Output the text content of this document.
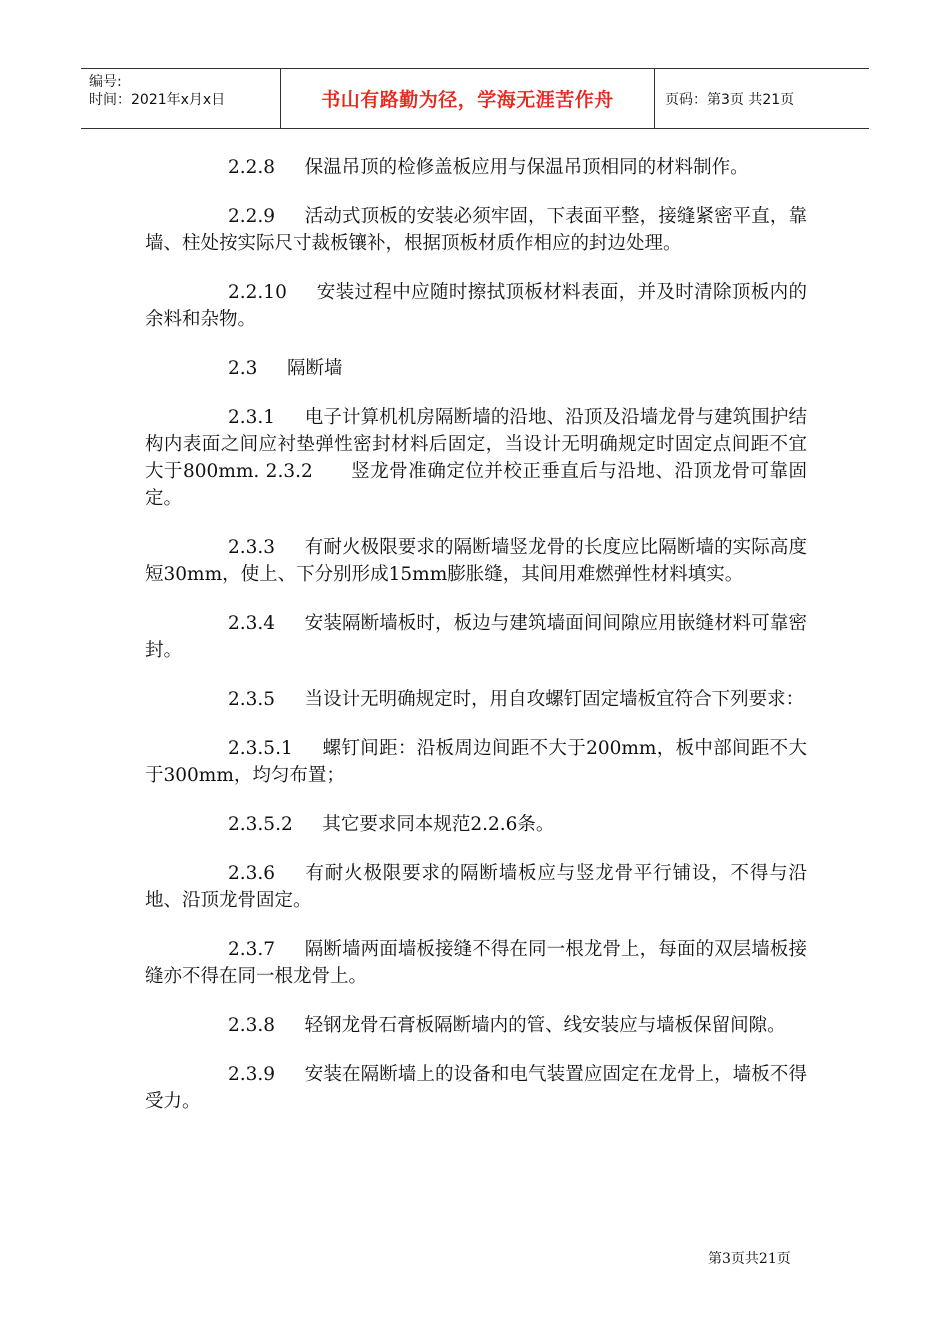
编号:
时间：2021年x月x日	书山有路勤为径，学海无涯苦作舟	页码：第3页 共21页

2.2.8 保温吊顶的检修盖板应用与保温吊顶相同的材料制作。

2.2.9 活动式顶板的安装必须牢固，下表面平整，接缝紧密平直，靠墙、柱处按实际尺寸裁板镶补，根据顶板材质作相应的封边处理。

2.2.10 安装过程中应随时擦拭顶板材料表面，并及时清除顶板内的余料和杂物。

2.3 隔断墙

2.3.1 电子计算机机房隔断墙的沿地、沿顶及沿墙龙骨与建筑围护结构内表面之间应衬垫弹性密封材料后固定，当设计无明确规定时固定点间距不宜大于800mm. 2.3.2　　竖龙骨准确定位并校正垂直后与沿地、沿顶龙骨可靠固定。

2.3.3 有耐火极限要求的隔断墙竖龙骨的长度应比隔断墙的实际高度短30mm，使上、下分别形成15mm膨胀缝，其间用难燃弹性材料填实。

2.3.4 安装隔断墙板时，板边与建筑墙面间间隙应用嵌缝材料可靠密封。

2.3.5 当设计无明确规定时，用自攻螺钉固定墙板宜符合下列要求：

2.3.5.1 螺钉间距：沿板周边间距不大于200mm，板中部间距不大于300mm，均匀布置；

2.3.5.2 其它要求同本规范2.2.6条。

2.3.6 有耐火极限要求的隔断墙板应与竖龙骨平行铺设，不得与沿地、沿顶龙骨固定。

2.3.7 隔断墙两面墙板接缝不得在同一根龙骨上，每面的双层墙板接缝亦不得在同一根龙骨上。

2.3.8 轻钢龙骨石膏板隔断墙内的管、线安装应与墙板保留间隙。

2.3.9 安装在隔断墙上的设备和电气装置应固定在龙骨上，墙板不得受力。

第3页共21页
